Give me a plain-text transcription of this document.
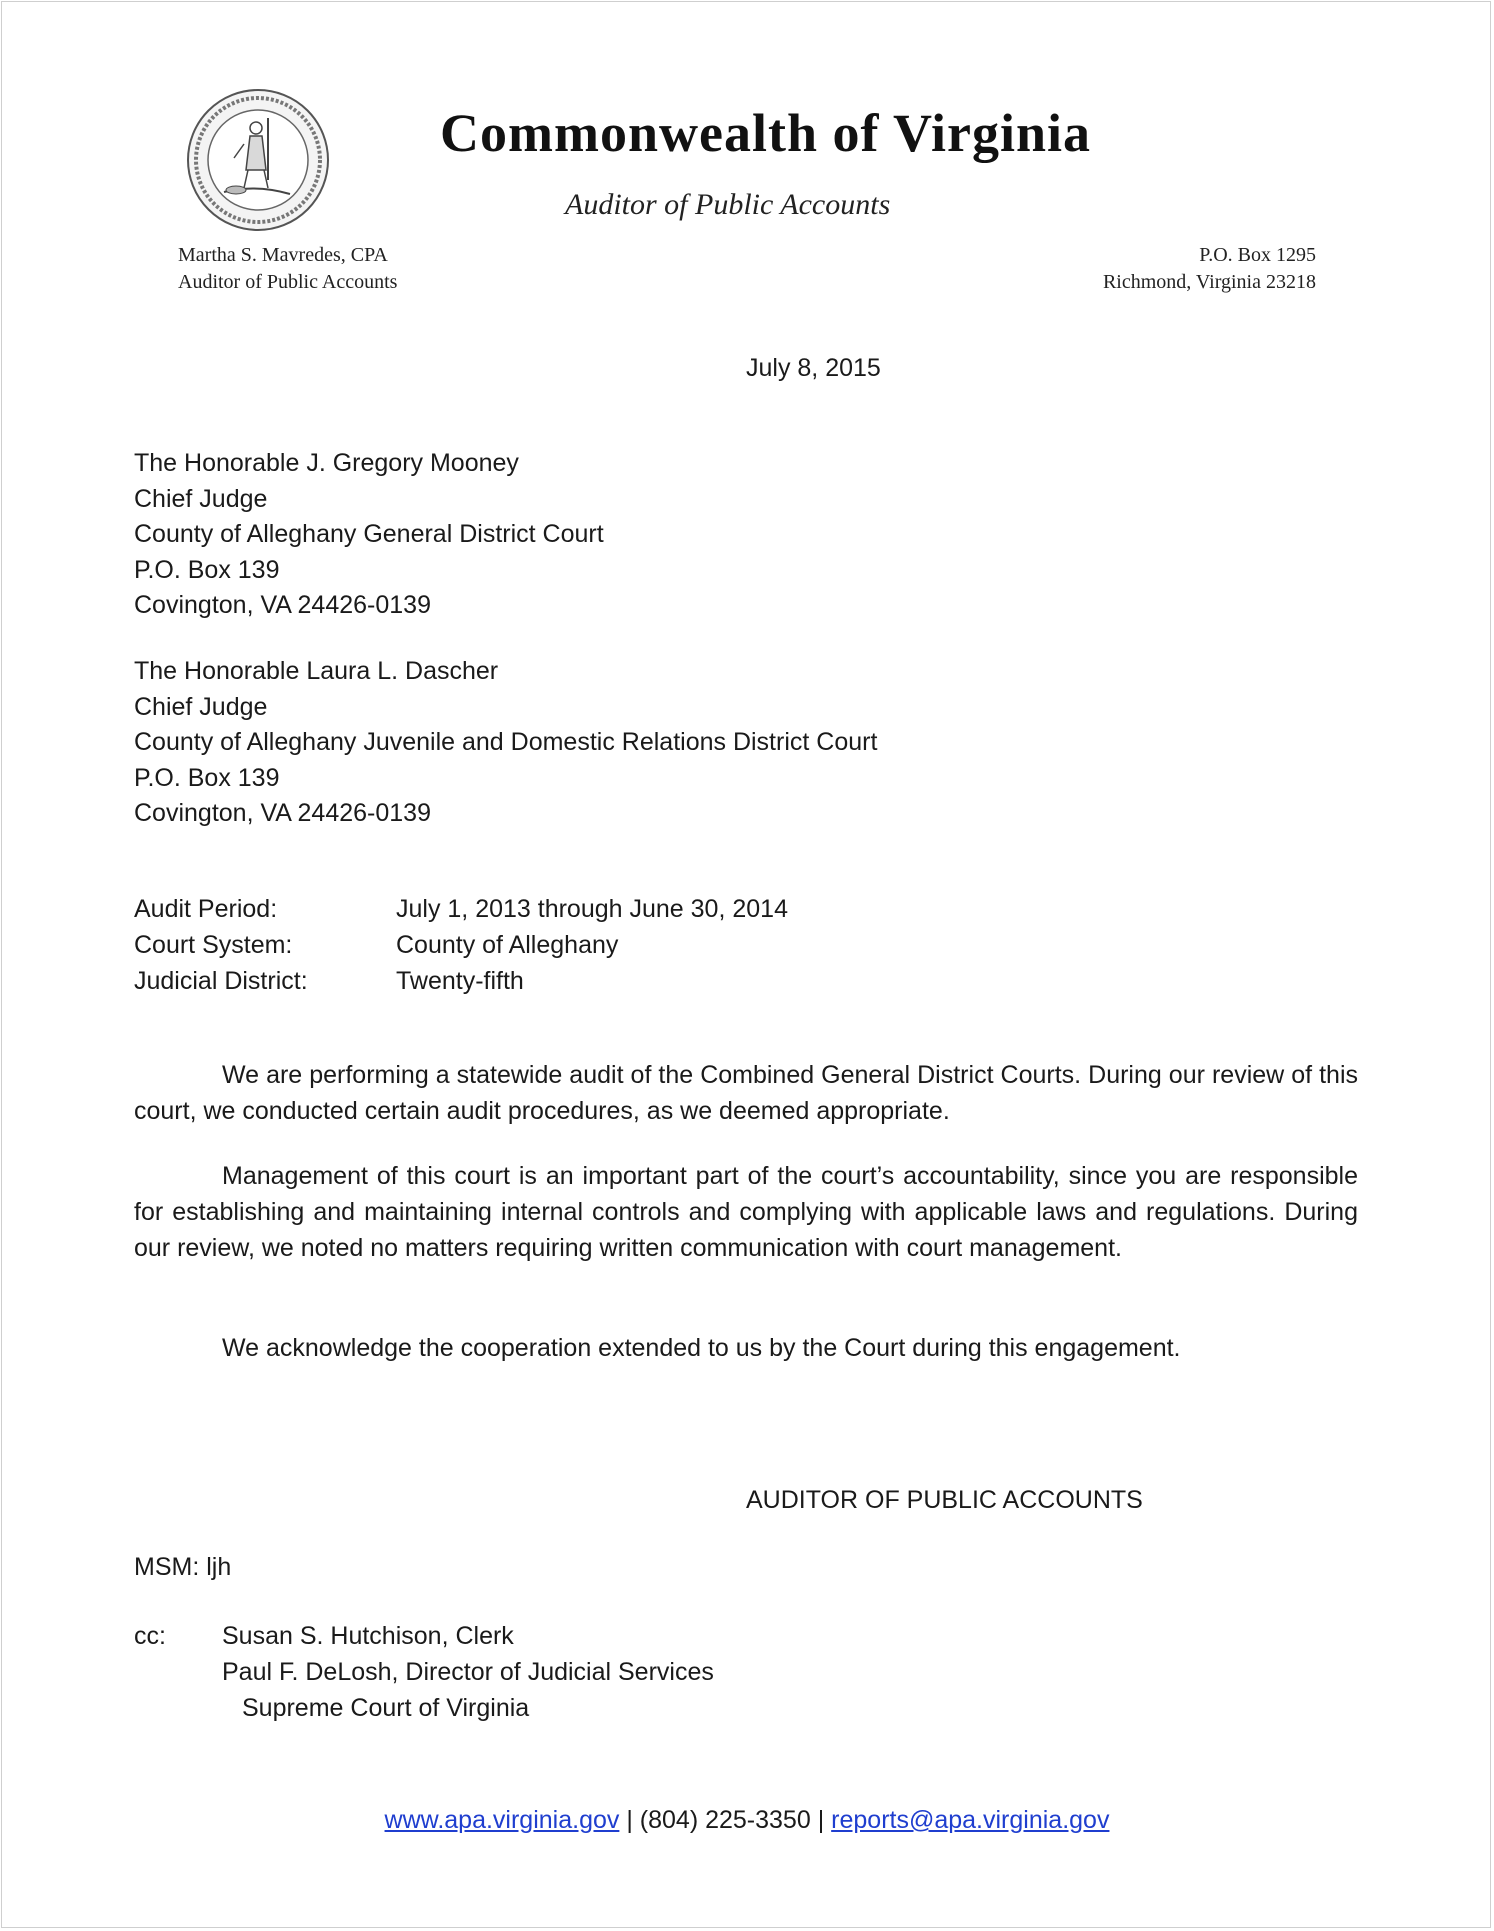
Commonwealth of Virginia
Auditor of Public Accounts
Martha S. Mavredes, CPA
Auditor of Public Accounts
P.O. Box 1295
Richmond, Virginia 23218
July 8, 2015
The Honorable J. Gregory Mooney
Chief Judge
County of Alleghany General District Court
P.O. Box 139
Covington, VA 24426-0139
The Honorable Laura L. Dascher
Chief Judge
County of Alleghany Juvenile and Domestic Relations District Court
P.O. Box 139
Covington, VA 24426-0139
Audit Period:	July 1, 2013 through June 30, 2014
Court System:	County of Alleghany
Judicial District:	Twenty-fifth
We are performing a statewide audit of the Combined General District Courts. During our review of this court, we conducted certain audit procedures, as we deemed appropriate.
Management of this court is an important part of the court’s accountability, since you are responsible for establishing and maintaining internal controls and complying with applicable laws and regulations. During our review, we noted no matters requiring written communication with court management.
We acknowledge the cooperation extended to us by the Court during this engagement.
AUDITOR OF PUBLIC ACCOUNTS
MSM: ljh
cc: Susan S. Hutchison, Clerk
Paul F. DeLosh, Director of Judicial Services
Supreme Court of Virginia
www.apa.virginia.gov | (804) 225-3350 | reports@apa.virginia.gov
